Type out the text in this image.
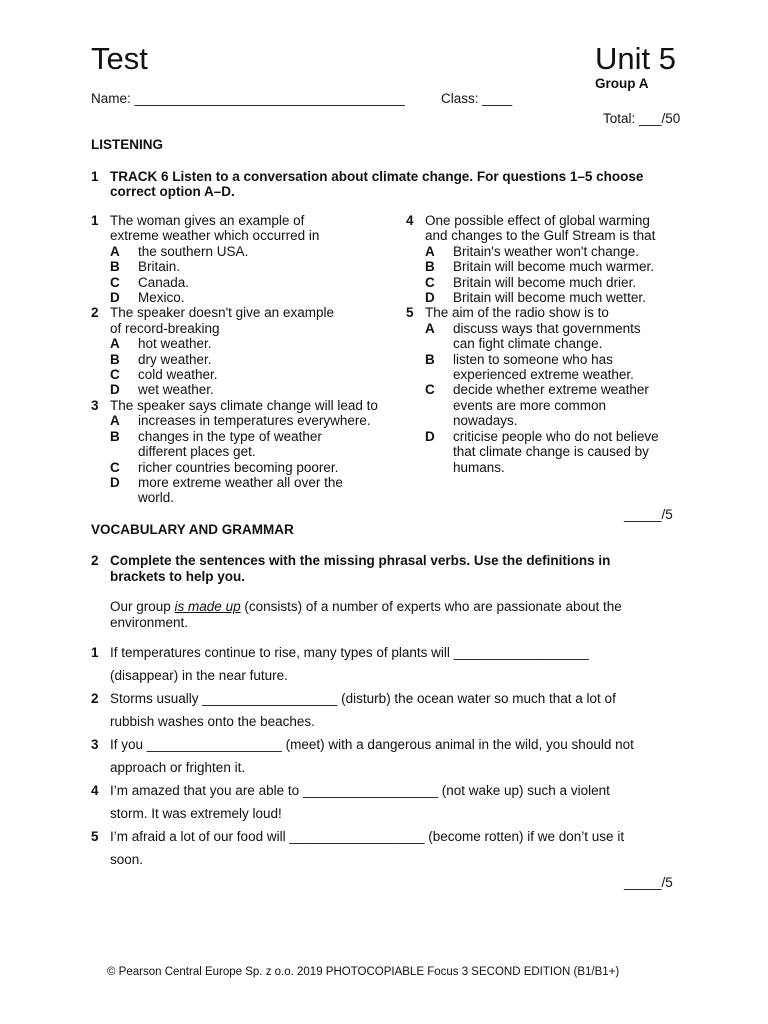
Test	Unit 5
Group A
Name: ____________________________________	Class: ____
Total: ___/50
LISTENING
1 TRACK 6 Listen to a conversation about climate change. For questions 1–5 choose
correct option A–D.
1 The woman gives an example of
extreme weather which occurred in
A	the southern USA.
B	Britain.
C	Canada.
D	Mexico.
2 The speaker doesn't give an example
of record-breaking
A	hot weather.
B	dry weather.
C	cold weather.
D	wet weather.
3 The speaker says climate change will lead to
A	increases in temperatures everywhere.
B	changes in the type of weather
different places get.
C	richer countries becoming poorer.
D	more extreme weather all over the
world.
4 One possible effect of global warming
and changes to the Gulf Stream is that
A	Britain's weather won't change.
B	Britain will become much warmer.
C	Britain will become much drier.
D	Britain will become much wetter.
5 The aim of the radio show is to
A	discuss ways that governments
can fight climate change.
B	listen to someone who has
experienced extreme weather.
C	decide whether extreme weather
events are more common
nowadays.
D	criticise people who do not believe
that climate change is caused by
humans.
_____/5
VOCABULARY AND GRAMMAR
2 Complete the sentences with the missing phrasal verbs. Use the definitions in
brackets to help you.
Our group is made up (consists) of a number of experts who are passionate about the
environment.
1 If temperatures continue to rise, many types of plants will __________________
(disappear) in the near future.
2 Storms usually __________________ (disturb) the ocean water so much that a lot of
rubbish washes onto the beaches.
3 If you __________________ (meet) with a dangerous animal in the wild, you should not
approach or frighten it.
4 I’m amazed that you are able to __________________ (not wake up) such a violent
storm. It was extremely loud!
5 I’m afraid a lot of our food will __________________ (become rotten) if we don’t use it
soon.
_____/5
© Pearson Central Europe Sp. z o.o. 2019 PHOTOCOPIABLE Focus 3 SECOND EDITION (B1/B1+)
